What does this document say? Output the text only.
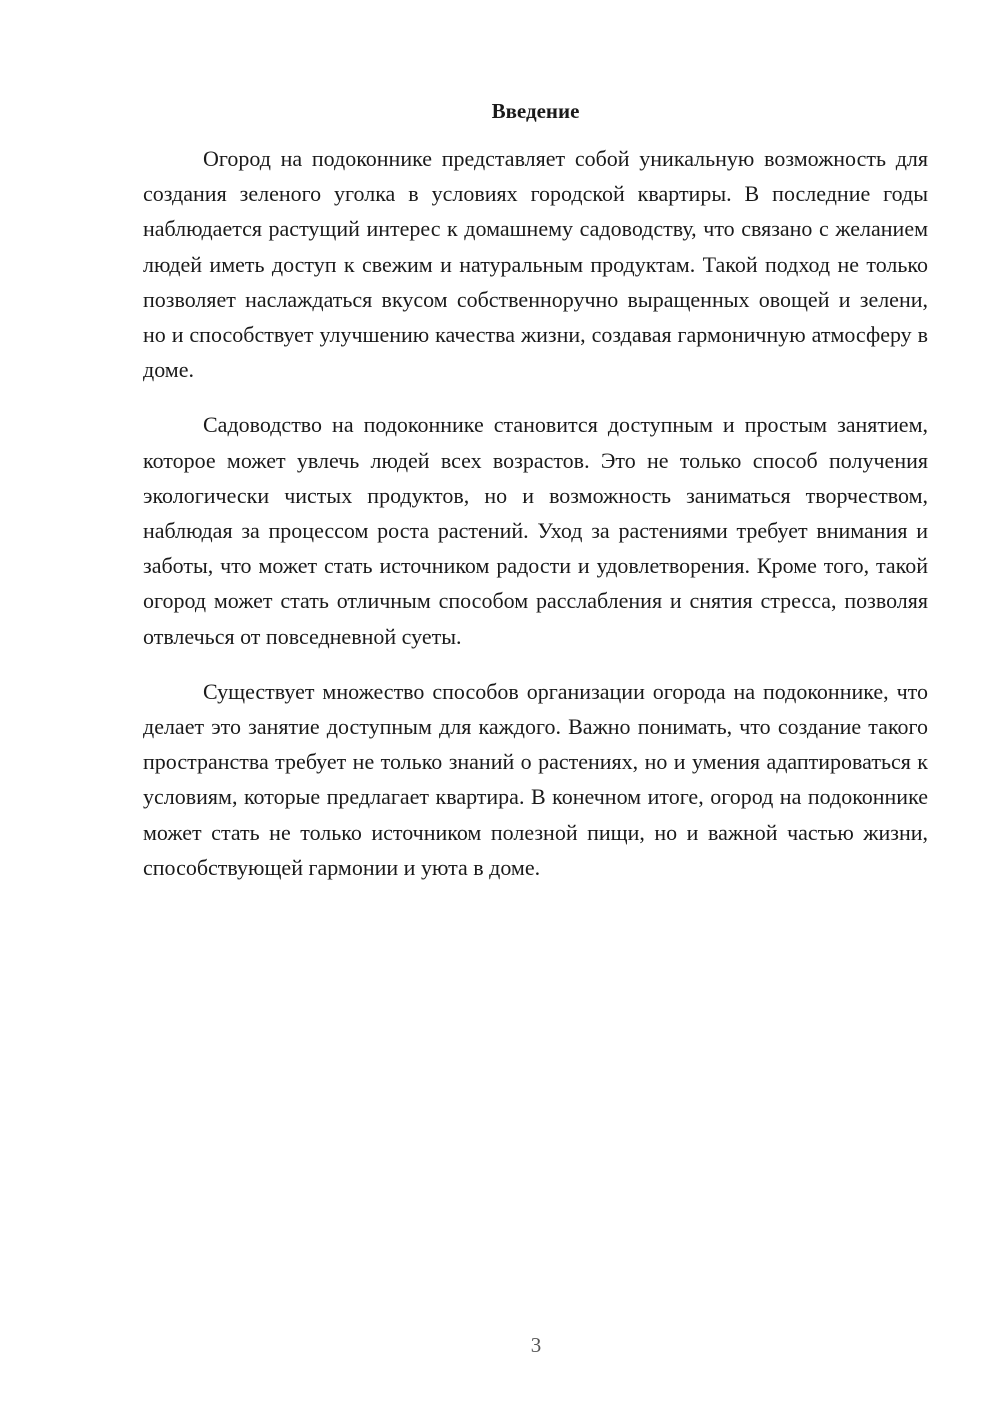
Введение

Огород на подоконнике представляет собой уникальную возможность для создания зеленого уголка в условиях городской квартиры. В последние годы наблюдается растущий интерес к домашнему садоводству, что связано с желанием людей иметь доступ к свежим и натуральным продуктам. Такой подход не только позволяет наслаждаться вкусом собственноручно выращенных овощей и зелени, но и способствует улучшению качества жизни, создавая гармоничную атмосферу в доме.

Садоводство на подоконнике становится доступным и простым занятием, которое может увлечь людей всех возрастов. Это не только способ получения экологически чистых продуктов, но и возможность заниматься творчеством, наблюдая за процессом роста растений. Уход за растениями требует внимания и заботы, что может стать источником радости и удовлетворения. Кроме того, такой огород может стать отличным способом расслабления и снятия стресса, позволяя отвлечься от повседневной суеты.

Существует множество способов организации огорода на подоконнике, что делает это занятие доступным для каждого. Важно понимать, что создание такого пространства требует не только знаний о растениях, но и умения адаптироваться к условиям, которые предлагает квартира. В конечном итоге, огород на подоконнике может стать не только источником полезной пищи, но и важной частью жизни, способствующей гармонии и уюта в доме.

3
